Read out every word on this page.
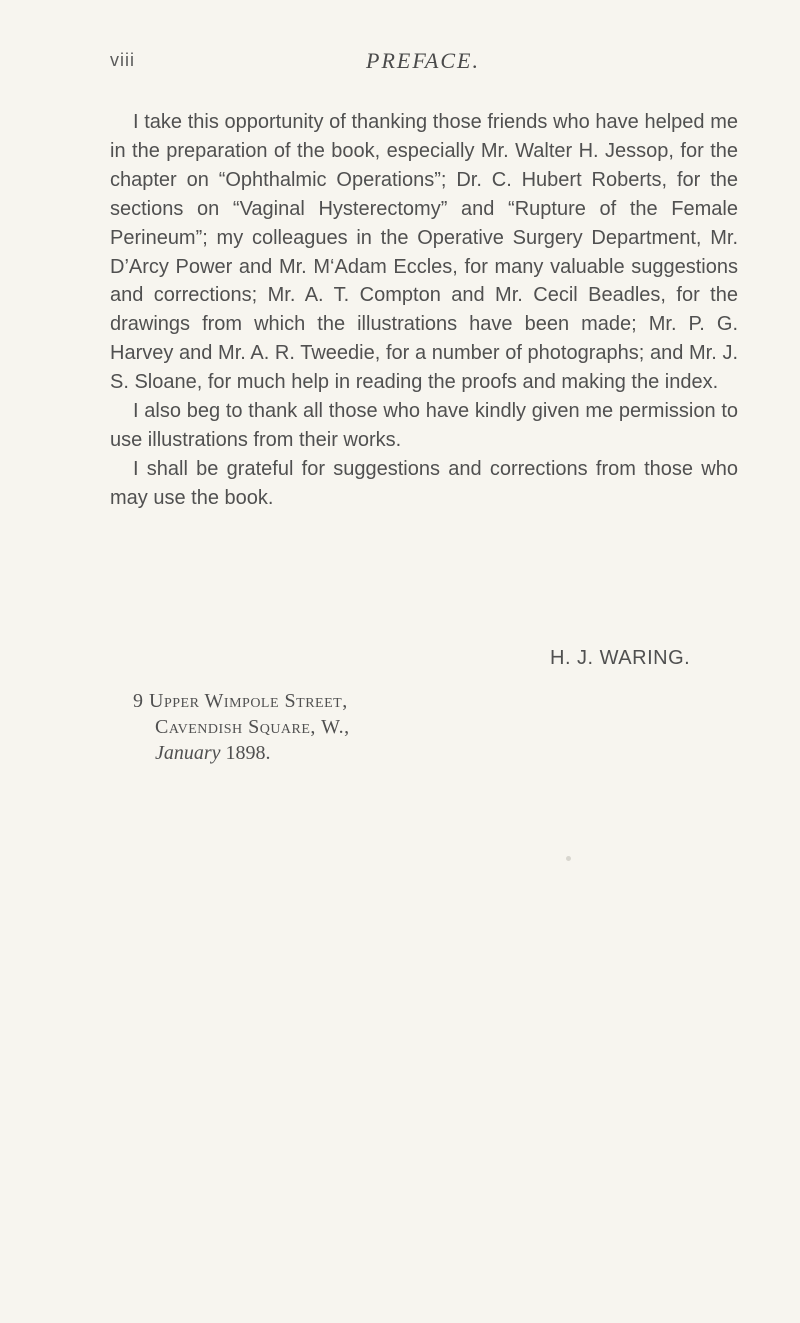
viii	PREFACE.

I take this opportunity of thanking those friends who have helped me in the preparation of the book, especially Mr. Walter H. Jessop, for the chapter on “Ophthalmic Operations”; Dr. C. Hubert Roberts, for the sections on “Vaginal Hysterectomy” and “Rupture of the Female Perineum”; my colleagues in the Operative Surgery Department, Mr. D’Arcy Power and Mr. M‘Adam Eccles, for many valuable suggestions and corrections; Mr. A. T. Compton and Mr. Cecil Beadles, for the drawings from which the illustrations have been made; Mr. P. G. Harvey and Mr. A. R. Tweedie, for a number of photographs; and Mr. J. S. Sloane, for much help in reading the proofs and making the index.

I also beg to thank all those who have kindly given me permission to use illustrations from their works.

I shall be grateful for suggestions and corrections from those who may use the book.

H. J. WARING.
9 Upper Wimpole Street,
Cavendish Square, W.,
January 1898.
